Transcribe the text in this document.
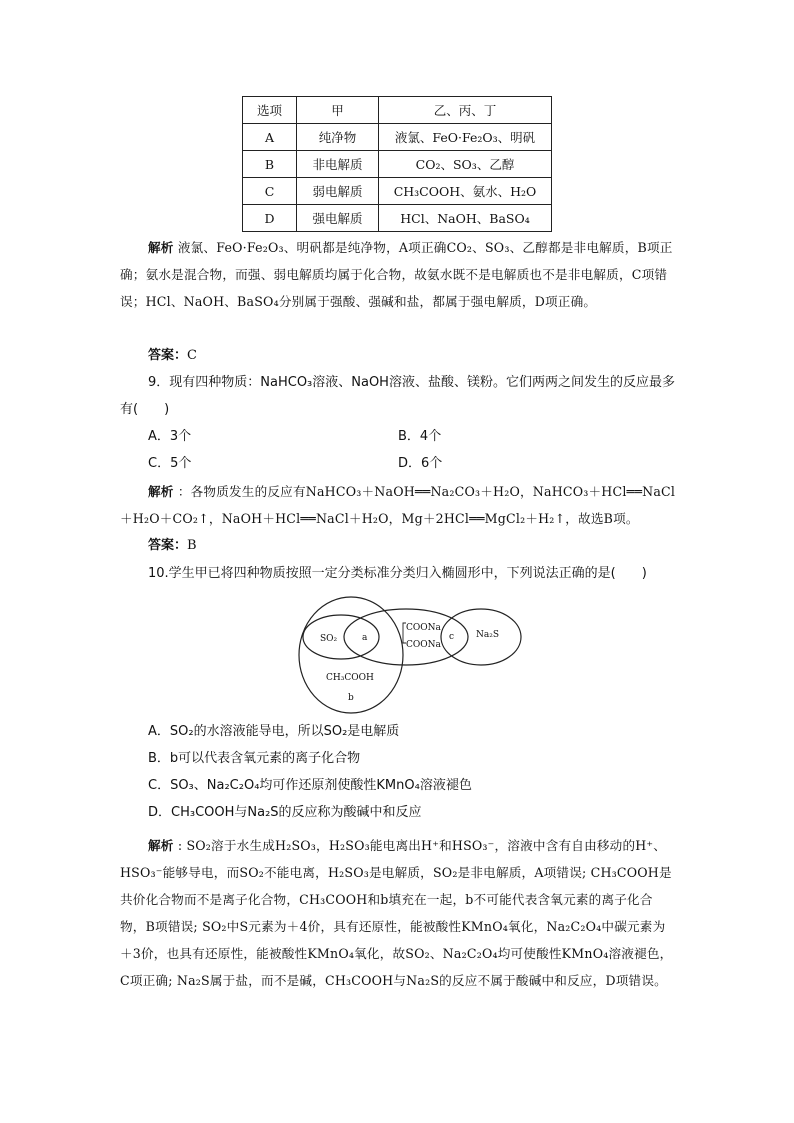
选项	甲	乙、丙、丁
A	纯净物	液氯、FeO·Fe₂O₃、明矾
B	非电解质	CO₂、SO₃、乙醇
C	弱电解质	CH₃COOH、氨水、H₂O
D	强电解质	HCl、NaOH、BaSO₄
解析 液氯、FeO·Fe₂O₃、明矾都是纯净物，A项正确CO₂、SO₃、乙醇都是非电解质，B项正确；氨水是混合物，而强、弱电解质均属于化合物，故氨水既不是电解质也不是非电解质，C项错误；HCl、NaOH、BaSO₄分别属于强酸、强碱和盐，都属于强电解质，D项正确。
答案：C
9．现有四种物质：NaHCO₃溶液、NaOH溶液、盐酸、镁粉。它们两两之间发生的反应最多有(　　)
A．3个	B．4个
C．5个	D．6个
解析 ：各物质发生的反应有NaHCO₃＋NaOH══Na₂CO₃＋H₂O，NaHCO₃＋HCl══NaCl＋H₂O＋CO₂↑，NaOH＋HCl══NaCl＋H₂O，Mg＋2HCl══MgCl₂＋H₂↑，故选B项。
答案：B
10.学生甲已将四种物质按照一定分类标准分类归入椭圆形中，下列说法正确的是(　　)
SO₂	a
COONa
COONa
c Na₂S
CH₃COOH
b
A．SO₂的水溶液能导电，所以SO₂是电解质
B．b可以代表含氧元素的离子化合物
C．SO₃、Na₂C₂O₄均可作还原剂使酸性KMnO₄溶液褪色
D．CH₃COOH与Na₂S的反应称为酸碱中和反应
解析 : SO₂溶于水生成H₂SO₃，H₂SO₃能电离出H⁺和HSO₃⁻，溶液中含有自由移动的H⁺、HSO₃⁻能够导电，而SO₂不能电离，H₂SO₃是电解质，SO₂是非电解质，A项错误; CH₃COOH是共价化合物而不是离子化合物，CH₃COOH和b填充在一起，b不可能代表含氧元素的离子化合物，B项错误; SO₂中S元素为＋4价，具有还原性，能被酸性KMnO₄氧化，Na₂C₂O₄中碳元素为＋3价，也具有还原性，能被酸性KMnO₄氧化，故SO₂、Na₂C₂O₄均可使酸性KMnO₄溶液褪色，C项正确; Na₂S属于盐，而不是碱，CH₃COOH与Na₂S的反应不属于酸碱中和反应，D项错误。
